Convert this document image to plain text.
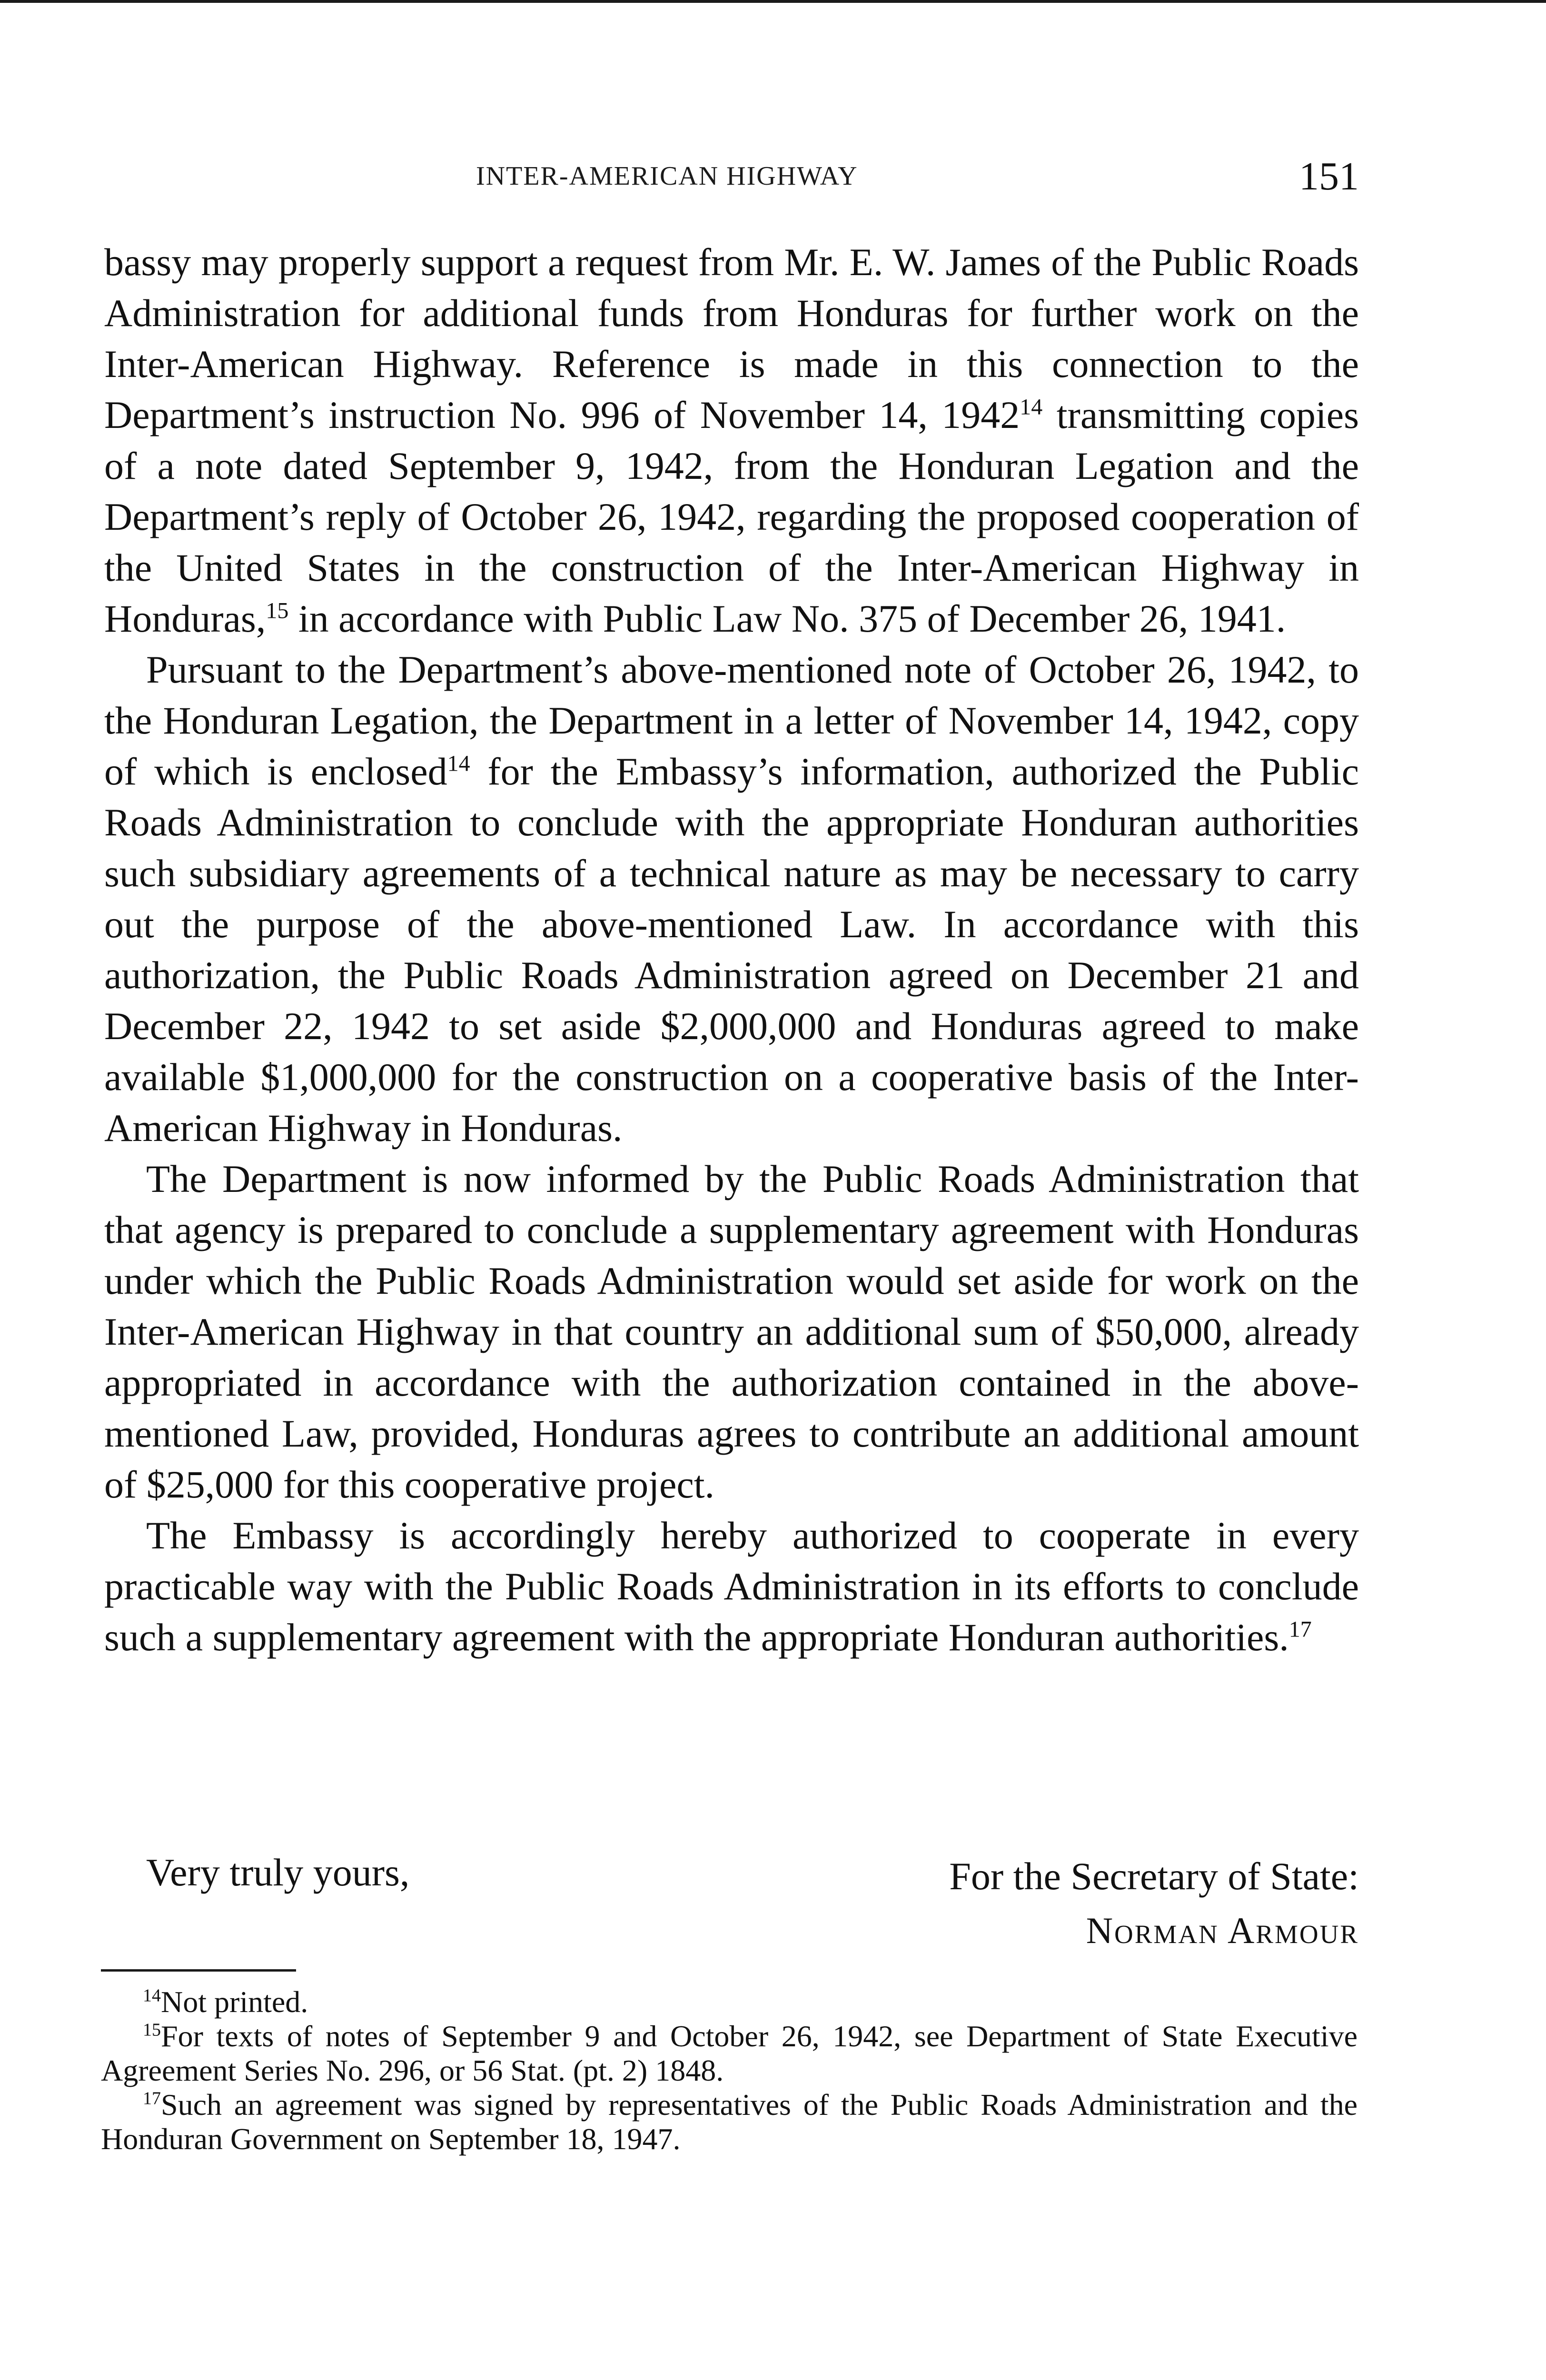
INTER-AMERICAN HIGHWAY	151

bassy may properly support a request from Mr. E. W. James of the Public Roads Administration for additional funds from Honduras for further work on the Inter-American Highway. Reference is made in this connection to the Department’s instruction No. 996 of November 14, 1942$^{14}$ transmitting copies of a note dated September 9, 1942, from the Honduran Legation and the Department’s reply of October 26, 1942, regarding the proposed cooperation of the United States in the construction of the Inter-American Highway in Honduras,$^{15}$ in accordance with Public Law No. 375 of December 26, 1941.

Pursuant to the Department’s above-mentioned note of October 26, 1942, to the Honduran Legation, the Department in a letter of November 14, 1942, copy of which is enclosed$^{14}$ for the Embassy’s information, authorized the Public Roads Administration to conclude with the appropriate Honduran authorities such subsidiary agreements of a technical nature as may be necessary to carry out the purpose of the above-mentioned Law. In accordance with this authorization, the Public Roads Administration agreed on December 21 and December 22, 1942 to set aside $2,000,000 and Honduras agreed to make available $1,000,000 for the construction on a cooperative basis of the Inter-American Highway in Honduras.

The Department is now informed by the Public Roads Administration that that agency is prepared to conclude a supplementary agreement with Honduras under which the Public Roads Administration would set aside for work on the Inter-American Highway in that country an additional sum of $50,000, already appropriated in accordance with the authorization contained in the above-mentioned Law, provided, Honduras agrees to contribute an additional amount of $25,000 for this cooperative project.

The Embassy is accordingly hereby authorized to cooperate in every practicable way with the Public Roads Administration in its efforts to conclude such a supplementary agreement with the appropriate Honduran authorities.$^{17}$

Very truly yours,	For the Secretary of State:
Norman Armour

$^{14}$Not printed.

$^{15}$For texts of notes of September 9 and October 26, 1942, see Department of State Executive Agreement Series No. 296, or 56 Stat. (pt. 2) 1848.

$^{17}$Such an agreement was signed by representatives of the Public Roads Administration and the Honduran Government on September 18, 1947.
